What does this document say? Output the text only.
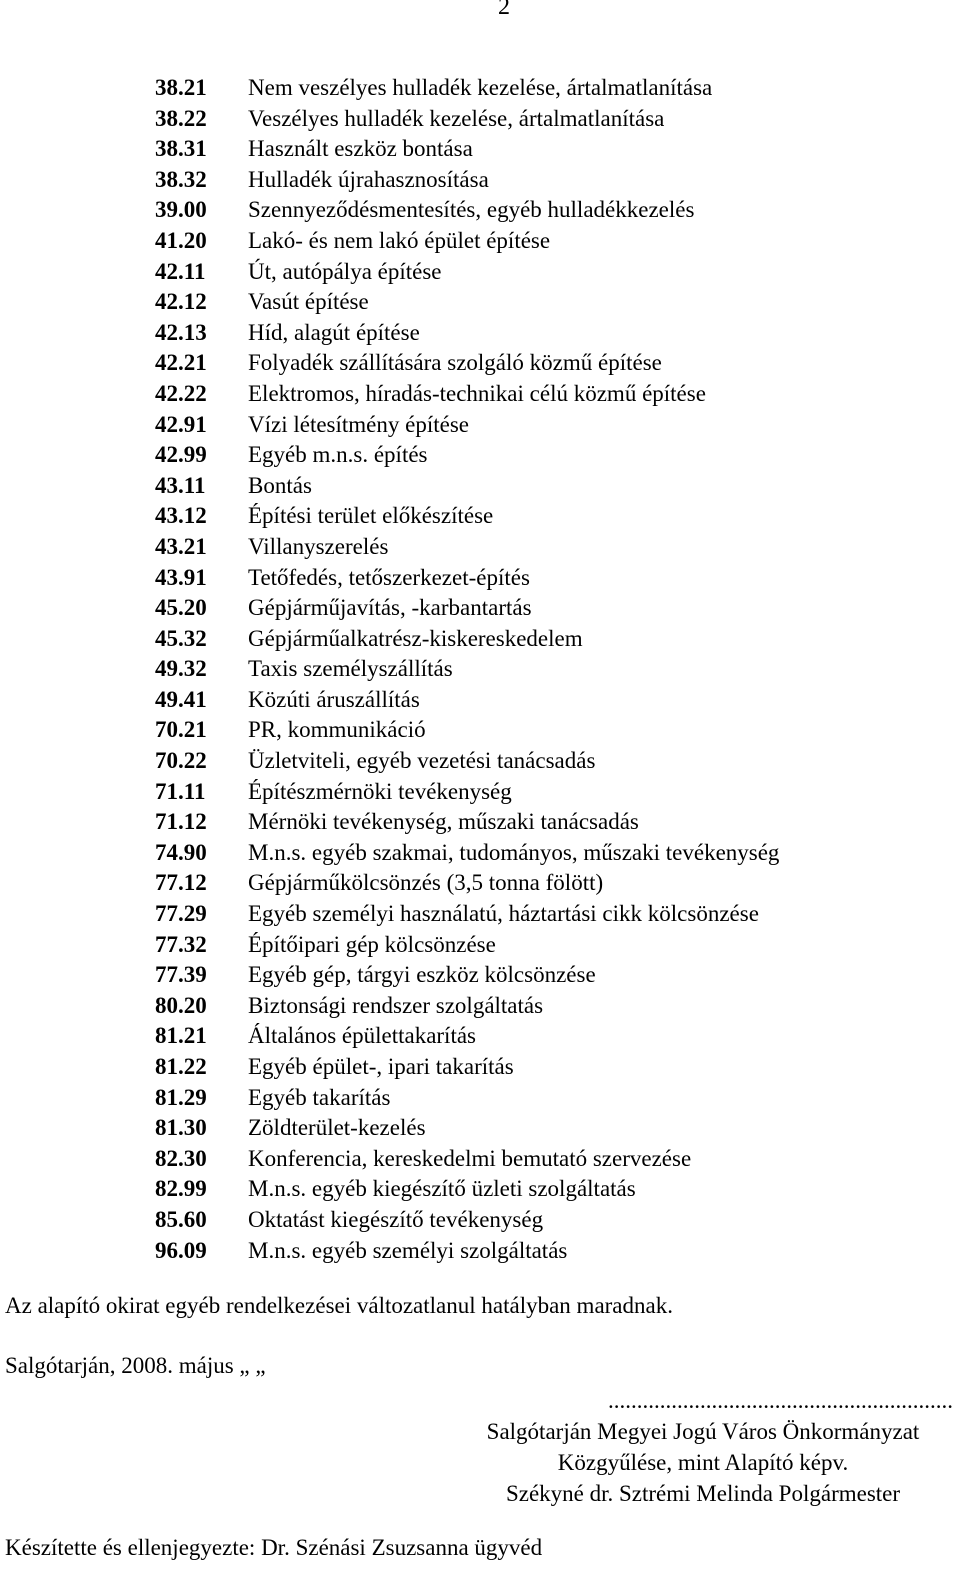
2
38.21 Nem veszélyes hulladék kezelése, ártalmatlanítása
38.22 Veszélyes hulladék kezelése, ártalmatlanítása
38.31 Használt eszköz bontása
38.32 Hulladék újrahasznosítása
39.00 Szennyeződésmentesítés, egyéb hulladékkezelés
41.20 Lakó- és nem lakó épület építése
42.11 Út, autópálya építése
42.12 Vasút építése
42.13 Híd, alagút építése
42.21 Folyadék szállítására szolgáló közmű építése
42.22 Elektromos, híradás-technikai célú közmű építése
42.91 Vízi létesítmény építése
42.99 Egyéb m.n.s. építés
43.11 Bontás
43.12 Építési terület előkészítése
43.21 Villanyszerelés
43.91 Tetőfedés, tetőszerkezet-építés
45.20 Gépjárműjavítás, -karbantartás
45.32 Gépjárműalkatrész-kiskereskedelem
49.32 Taxis személyszállítás
49.41 Közúti áruszállítás
70.21 PR, kommunikáció
70.22 Üzletviteli, egyéb vezetési tanácsadás
71.11 Építészmérnöki tevékenység
71.12 Mérnöki tevékenység, műszaki tanácsadás
74.90 M.n.s. egyéb szakmai, tudományos, műszaki tevékenység
77.12 Gépjárműkölcsönzés (3,5 tonna fölött)
77.29 Egyéb személyi használatú, háztartási cikk kölcsönzése
77.32 Építőipari gép kölcsönzése
77.39 Egyéb gép, tárgyi eszköz kölcsönzése
80.20 Biztonsági rendszer szolgáltatás
81.21 Általános épülettakarítás
81.22 Egyéb épület-, ipari takarítás
81.29 Egyéb takarítás
81.30 Zöldterület-kezelés
82.30 Konferencia, kereskedelmi bemutató szervezése
82.99 M.n.s. egyéb kiegészítő üzleti szolgáltatás
85.60 Oktatást kiegészítő tevékenység
96.09 M.n.s. egyéb személyi szolgáltatás
Az alapító okirat egyéb rendelkezései változatlanul hatályban maradnak.
Salgótarján, 2008. május „ „
............................................................
Salgótarján Megyei Jogú Város Önkormányzat
Közgyűlése, mint Alapító képv.
Székyné dr. Sztrémi Melinda Polgármester
Készítette és ellenjegyezte: Dr. Szénási Zsuzsanna ügyvéd
